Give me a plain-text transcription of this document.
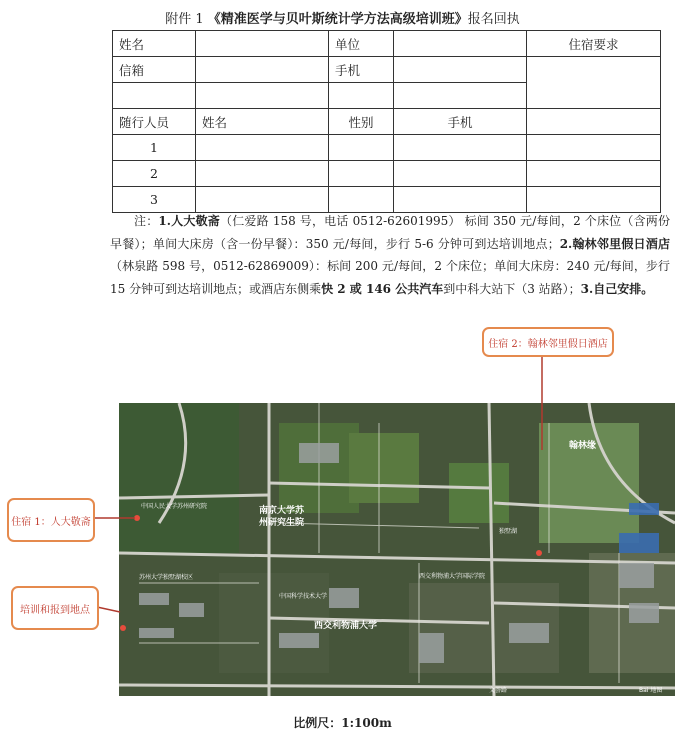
附件 1 《精准医学与贝叶斯统计学方法高级培训班》报名回执
姓名		单位		住宿要求
信箱		手机		

随行人员	姓名	性别	手机	
1				
2				
3				
注：1.人大敬斋（仁爱路 158 号，电话 0512-62601995） 标间 350 元/每间，2 个床位（含两份早餐）；单间大床房（含一份早餐）：350 元/每间，步行 5-6 分钟可到达培训地点；2.翰林邻里假日酒店（林泉路 598 号，0512-62869009）：标间 200 元/每间，2 个床位；单间大床房：240 元/每间，步行 15 分钟可到达培训地点；或酒店东侧乘快 2 或 146 公共汽车到中科大站下（3 站路）；3.自己安排。
南京大学苏
州研究生院
西交利物浦大学
中国人民大学苏州研究院
翰林缘
独墅湖
西交利物浦大学国际学院
文荟路
中国科学技术大学
苏州大学独墅湖校区
Bai 地图
住宿 2：翰林邻里假日酒店
住宿 1：人大敬斋
培训和报到地点
比例尺：1:100m
